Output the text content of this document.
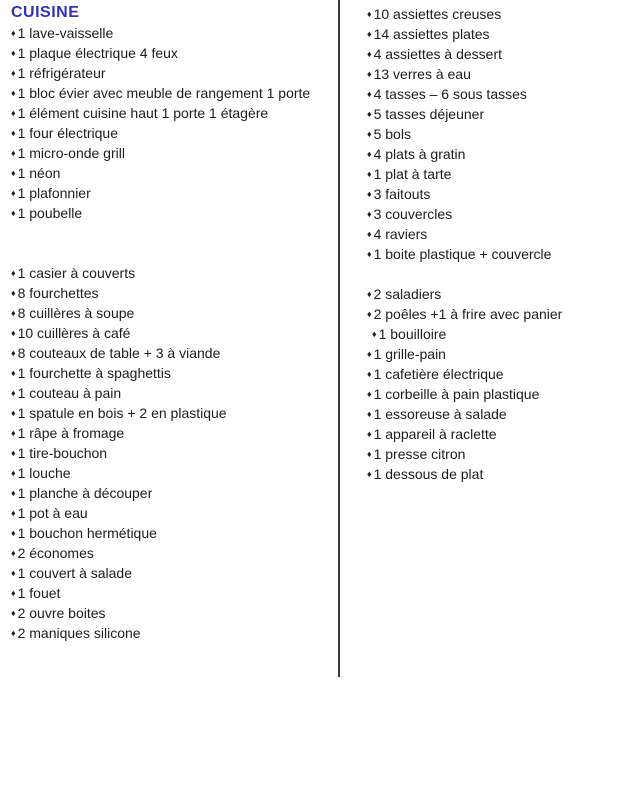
CUISINE
♦ 1 lave-vaisselle
♦ 1 plaque électrique 4 feux
♦ 1 réfrigérateur
♦ 1 bloc évier avec meuble de rangement 1 porte
♦ 1 élément cuisine haut 1 porte 1 étagère
♦ 1 four électrique
♦ 1 micro-onde grill
♦ 1 néon
♦ 1 plafonnier
♦ 1 poubelle
♦ 1 casier à couverts
♦ 8 fourchettes
♦ 8 cuillères à soupe
♦ 10 cuillères à café
♦ 8 couteaux de table + 3 à viande
♦ 1 fourchette à spaghettis
♦ 1 couteau à pain
♦ 1 spatule en bois + 2 en plastique
♦ 1 râpe à fromage
♦ 1 tire-bouchon
♦ 1 louche
♦ 1 planche à découper
♦ 1 pot à eau
♦ 1 bouchon hermétique
♦ 2 économes
♦ 1 couvert à salade
♦ 1 fouet
♦ 2 ouvre boites
♦ 2 maniques silicone
♦ 10 assiettes creuses
♦ 14 assiettes plates
♦ 4 assiettes à dessert
♦ 13 verres à eau
♦ 4 tasses – 6 sous tasses
♦ 5 tasses déjeuner
♦ 5 bols
♦ 4 plats à gratin
♦ 1 plat à tarte
♦ 3 faitouts
♦ 3 couvercles
♦ 4 raviers
♦ 1 boite plastique + couvercle
♦ 2 saladiers
♦ 2 poêles +1 à frire avec panier
♦ 1 bouilloire
♦ 1 grille-pain
♦ 1 cafetière électrique
♦ 1 corbeille à pain plastique
♦ 1 essoreuse à salade
♦ 1 appareil à raclette
♦ 1 presse citron
♦ 1 dessous de plat
